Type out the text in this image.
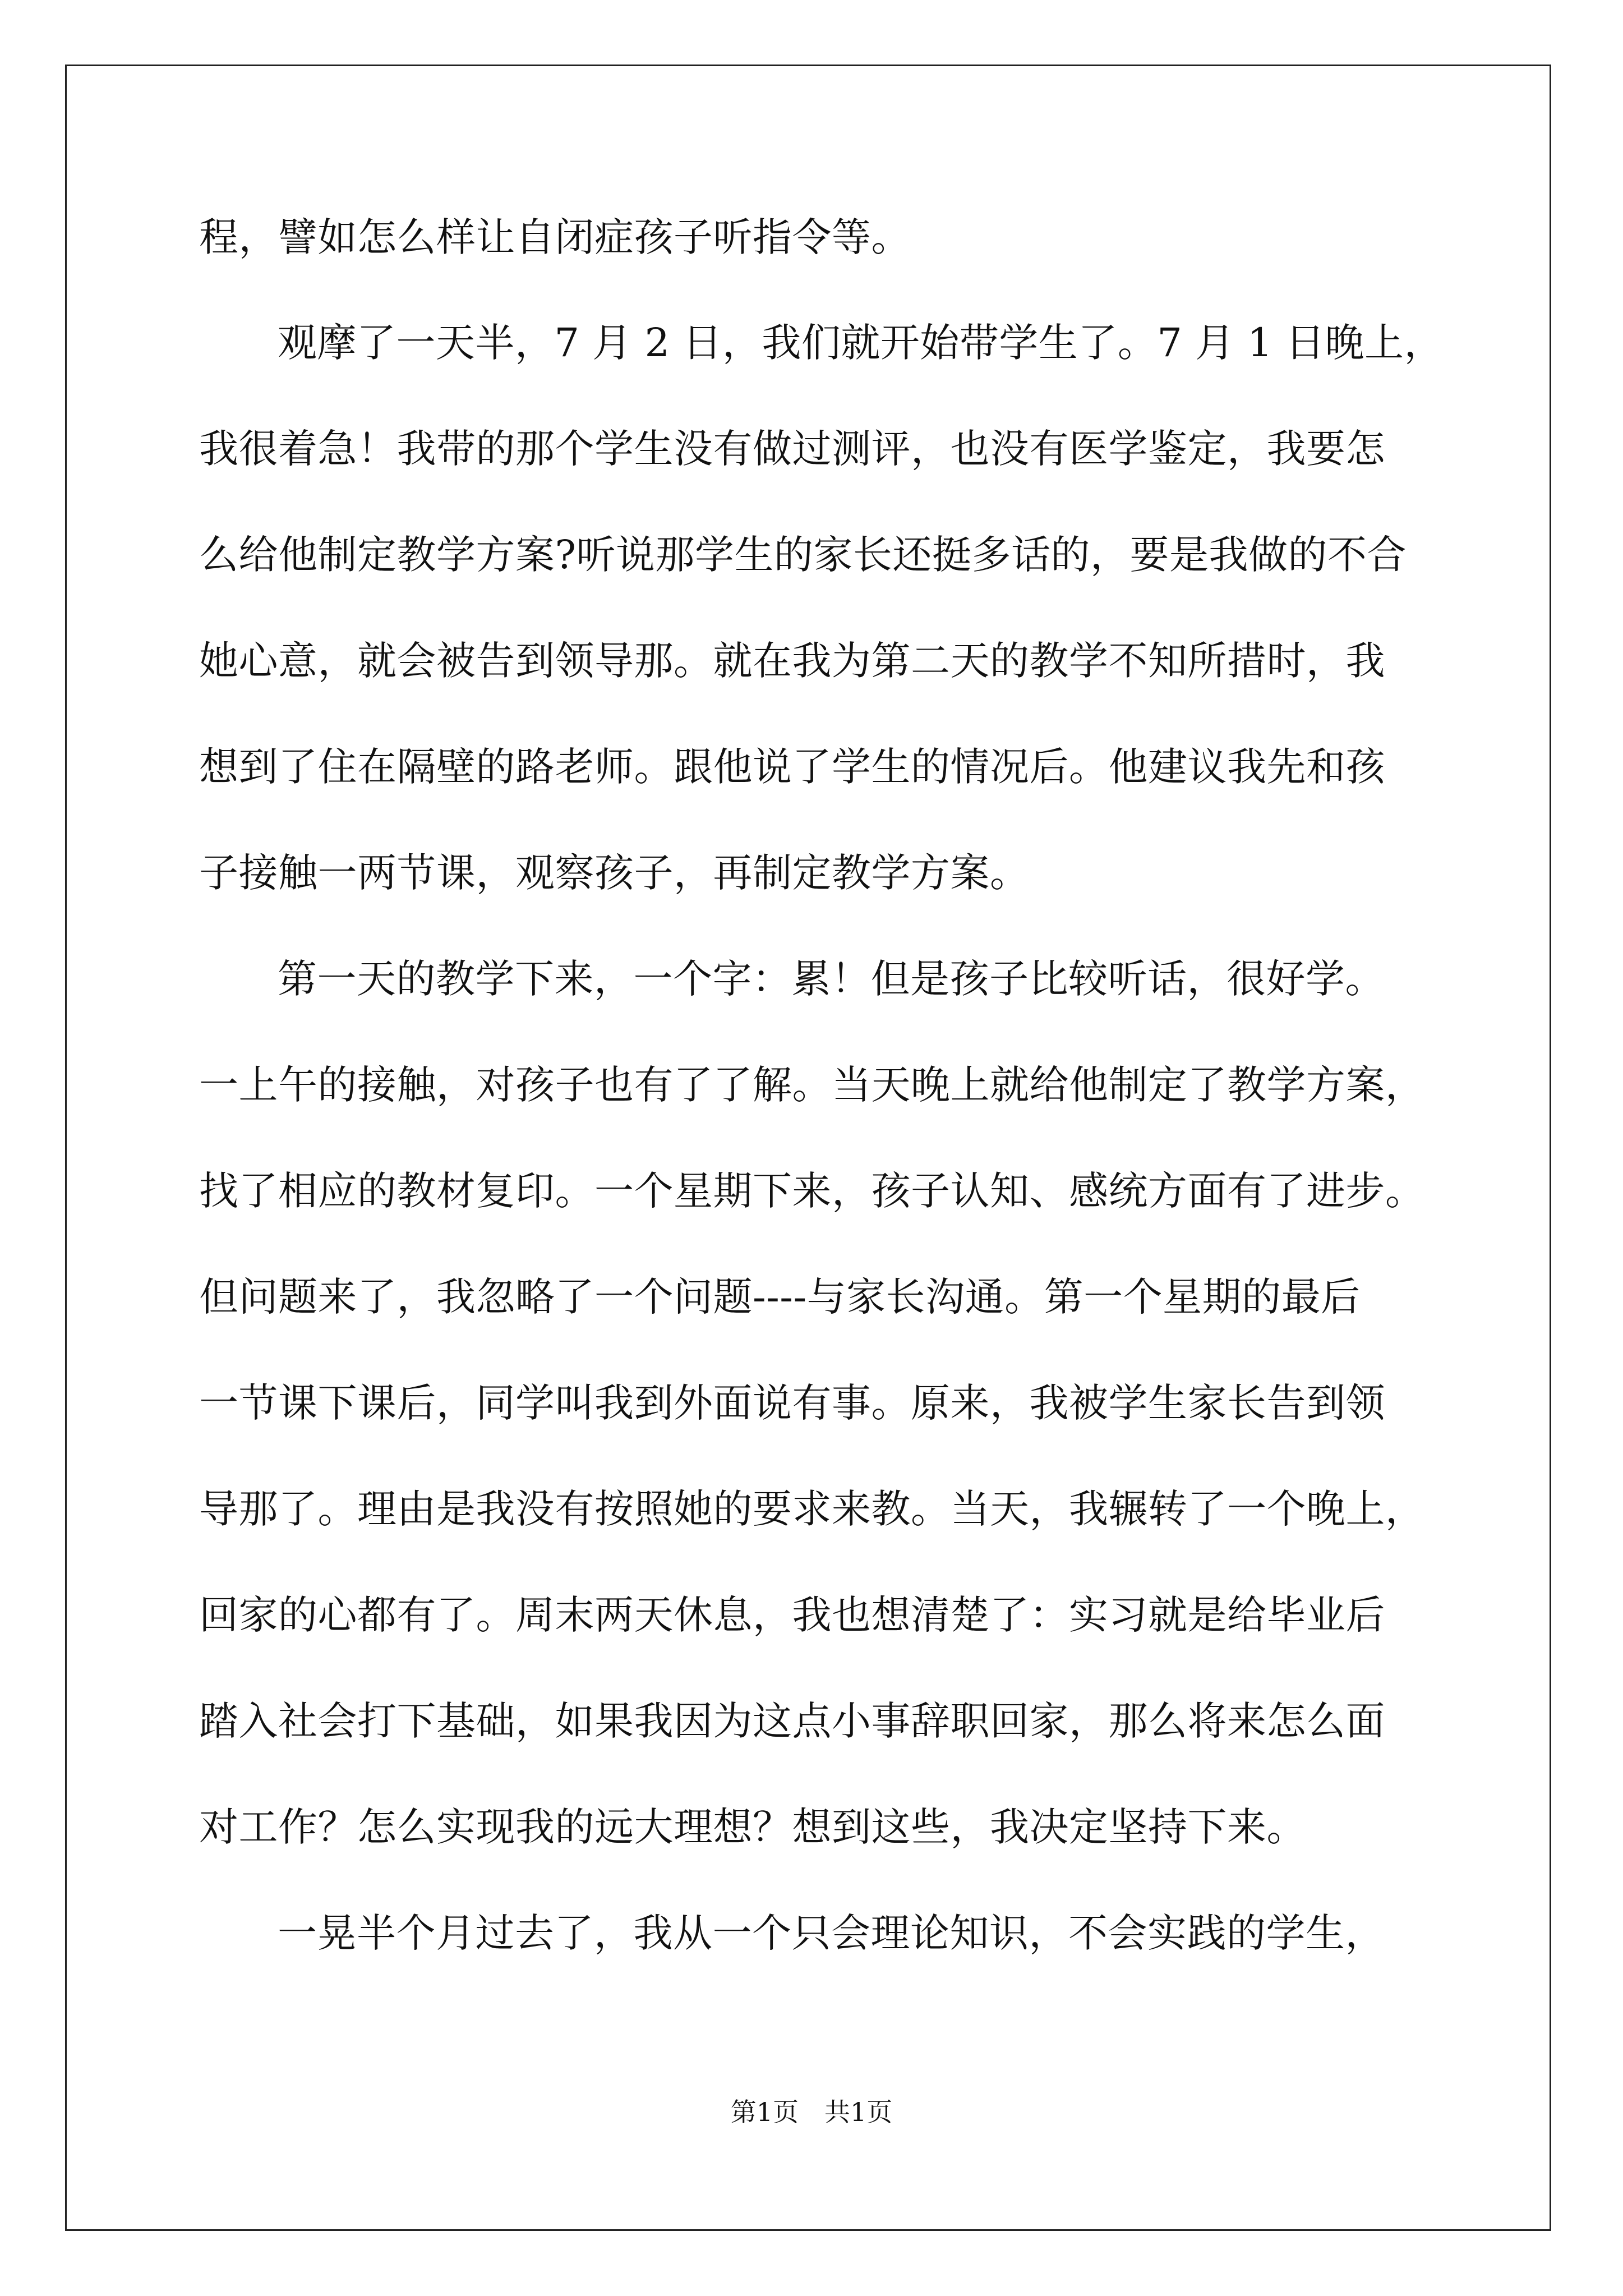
程，譬如怎么样让自闭症孩子听指令等。
观摩了一天半，7 月 2 日，我们就开始带学生了。7 月 1 日晚上，
我很着急！我带的那个学生没有做过测评，也没有医学鉴定，我要怎
么给他制定教学方案?听说那学生的家长还挺多话的，要是我做的不合
她心意，就会被告到领导那。就在我为第二天的教学不知所措时，我
想到了住在隔壁的路老师。跟他说了学生的情况后。他建议我先和孩
子接触一两节课，观察孩子，再制定教学方案。
第一天的教学下来，一个字：累！但是孩子比较听话，很好学。
一上午的接触，对孩子也有了了解。当天晚上就给他制定了教学方案，
找了相应的教材复印。一个星期下来，孩子认知、感统方面有了进步。
但问题来了，我忽略了一个问题----与家长沟通。第一个星期的最后
一节课下课后，同学叫我到外面说有事。原来，我被学生家长告到领
导那了。理由是我没有按照她的要求来教。当天，我辗转了一个晚上，
回家的心都有了。周末两天休息，我也想清楚了：实习就是给毕业后
踏入社会打下基础，如果我因为这点小事辞职回家，那么将来怎么面
对工作？怎么实现我的远大理想？想到这些，我决定坚持下来。
一晃半个月过去了，我从一个只会理论知识，不会实践的学生，
第1页　共1页
